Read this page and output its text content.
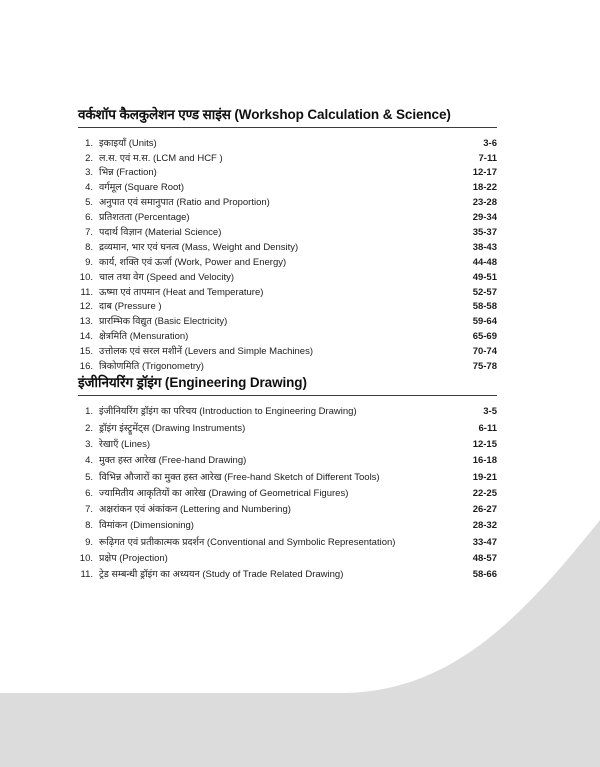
वर्कशॉप कैलकुलेशन एण्ड साइंस (Workshop Calculation & Science)
1. इकाइयाँ (Units)	3-6
2. ल.स. एवं म.स. (LCM and HCF )	7-11
3. भिन्न (Fraction)	12-17
4. वर्गमूल (Square Root)	18-22
5. अनुपात एवं समानुपात (Ratio and Proportion)	23-28
6. प्रतिशतता (Percentage)	29-34
7. पदार्थ विज्ञान (Material Science)	35-37
8. द्रव्यमान, भार एवं घनत्व (Mass, Weight and Density)	38-43
9. कार्य, शक्ति एवं ऊर्जा (Work, Power and Energy)	44-48
10. चाल तथा वेग (Speed and Velocity)	49-51
11. ऊष्मा एवं तापमान (Heat and Temperature)	52-57
12. दाब (Pressure )	58-58
13. प्रारम्भिक विद्युत (Basic Electricity)	59-64
14. क्षेत्रमिति (Mensuration)	65-69
15. उत्तोलक एवं सरल मशीनें (Levers and Simple Machines)	70-74
16. त्रिकोणमिति (Trigonometry)	75-78
इंजीनियरिंग ड्रॉइंग (Engineering Drawing)
1. इंजीनियरिंग ड्रॉइंग का परिचय (Introduction to Engineering Drawing)	3-5
2. ड्रॉइंग इंस्ट्रूमेंट्स (Drawing Instruments)	6-11
3. रेखाएँ (Lines)	12-15
4. मुक्त हस्त आरेख (Free-hand Drawing)	16-18
5. विभिन्न औजारों का मुक्त हस्त आरेख (Free-hand Sketch of Different Tools)	19-21
6. ज्यामितीय आकृतियों का आरेख (Drawing of Geometrical Figures)	22-25
7. अक्षरांकन एवं अंकांकन (Lettering and Numbering)	26-27
8. विमांकन (Dimensioning)	28-32
9. रूढ़िगत एवं प्रतीकात्मक प्रदर्शन (Conventional and Symbolic Representation)	33-47
10. प्रक्षेप (Projection)	48-57
11. ट्रेड सम्बन्धी ड्रॉइंग का अध्ययन (Study of Trade Related Drawing)	58-66
